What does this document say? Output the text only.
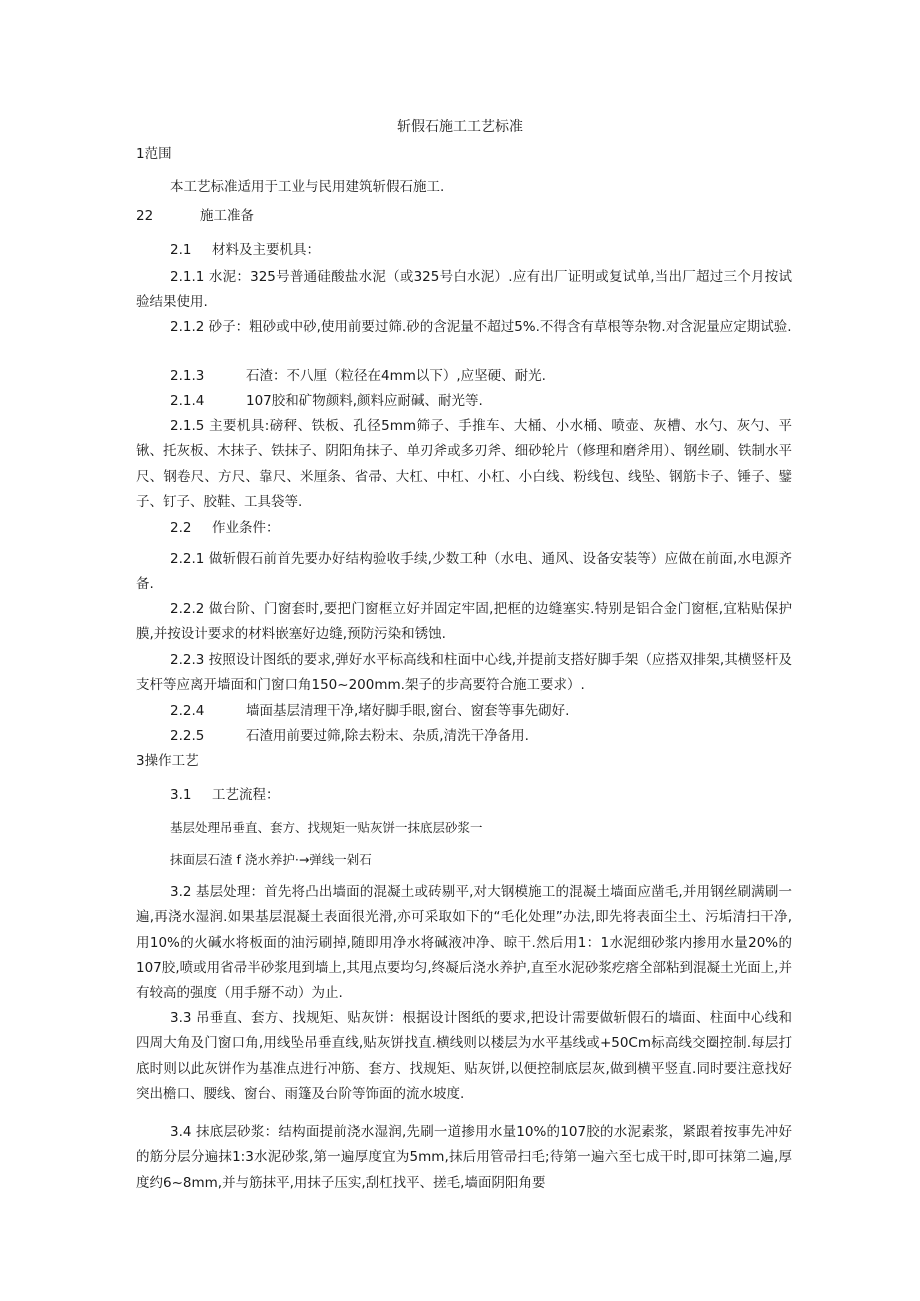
斩假石施工工艺标准
1范围
本工艺标准适用于工业与民用建筑斩假石施工.
22	施工准备
2.1 材料及主要机具：
2.1.1 水泥：325号普通硅酸盐水泥（或325号白水泥）.应有出厂证明或复试单,当出厂超过三个月按试验结果使用.
2.1.2 砂子：粗砂或中砂,使用前要过筛.砂的含泥量不超过5%.不得含有草根等杂物.对含泥量应定期试验.
2.1.3	石渣：不八厘（粒径在4mm以下）,应坚硬、耐光.
2.1.4	107胶和矿物颜料,颜料应耐碱、耐光等.
2.1.5 主要机具:磅秤、铁板、孔径5mm筛子、手推车、大桶、小水桶、喷壶、灰槽、水勺、灰勺、平锹、托灰板、木抹子、铁抹子、阴阳角抹子、单刃斧或多刃斧、细砂轮片（修理和磨斧用）、钢丝刷、铁制水平尺、钢卷尺、方尺、靠尺、米厘条、省帚、大杠、中杠、小杠、小白线、粉线包、线坠、钢筋卡子、锤子、鐾子、钉子、胶鞋、工具袋等.
2.2 作业条件：
2.2.1 做斩假石前首先要办好结构验收手续,少数工种（水电、通风、设备安装等）应做在前面,水电源齐备.
2.2.2 做台阶、门窗套时,要把门窗框立好并固定牢固,把框的边缝塞实.特别是铝合金门窗框,宜粘贴保护膜,并按设计要求的材料嵌塞好边缝,预防污染和锈蚀.
2.2.3 按照设计图纸的要求,弹好水平标高线和柱面中心线,并提前支搭好脚手架（应搭双排架,其横竖杆及支杆等应离开墙面和门窗口角150~200mm.架子的步高要符合施工要求）.
2.2.4	墙面基层清理干净,堵好脚手眼,窗台、窗套等事先砌好.
2.2.5	石渣用前要过筛,除去粉末、杂质,清洗干净备用.
3操作工艺
3.1 工艺流程：
基层处理吊垂直、套方、找规矩一贴灰饼一抹底层砂浆一
抹面层石渣 f 浇水养护·→弹线一剁石
3.2 基层处理：首先将凸出墙面的混凝土或砖剔平,对大钢模施工的混凝土墙面应凿毛,并用钢丝刷满刷一遍,再浇水湿润.如果基层混凝土表面很光滑,亦可采取如下的“毛化处理”办法,即先将表面尘土、污垢清扫干净,用10%的火碱水将板面的油污刷掉,随即用净水将碱液冲净、晾干.然后用1：1水泥细砂浆内掺用水量20%的107胶,喷或用省帚半砂浆甩到墙上,其甩点要均匀,终凝后浇水养护,直至水泥砂浆疙瘩全部粘到混凝土光面上,并有较高的强度（用手掰不动）为止.
3.3 吊垂直、套方、找规矩、贴灰饼：根据设计图纸的要求,把设计需要做斩假石的墙面、柱面中心线和四周大角及门窗口角,用线坠吊垂直线,贴灰饼找直.横线则以楼层为水平基线或+50Cm标高线交圈控制.每层打底时则以此灰饼作为基准点进行冲筋、套方、找规矩、贴灰饼,以便控制底层灰,做到横平竖直.同时要注意找好突出檐口、腰线、窗台、雨篷及台阶等饰面的流水坡度.
3.4 抹底层砂浆：结构面提前浇水湿润,先刷一道掺用水量10%的107胶的水泥素浆，紧跟着按事先冲好的筋分层分遍抹1:3水泥砂浆,第一遍厚度宜为5mm,抹后用管帚扫毛;待第一遍六至七成干时,即可抹第二遍,厚度约6~8mm,并与筋抹平,用抹子压实,刮杠找平、搓毛,墙面阴阳角要
